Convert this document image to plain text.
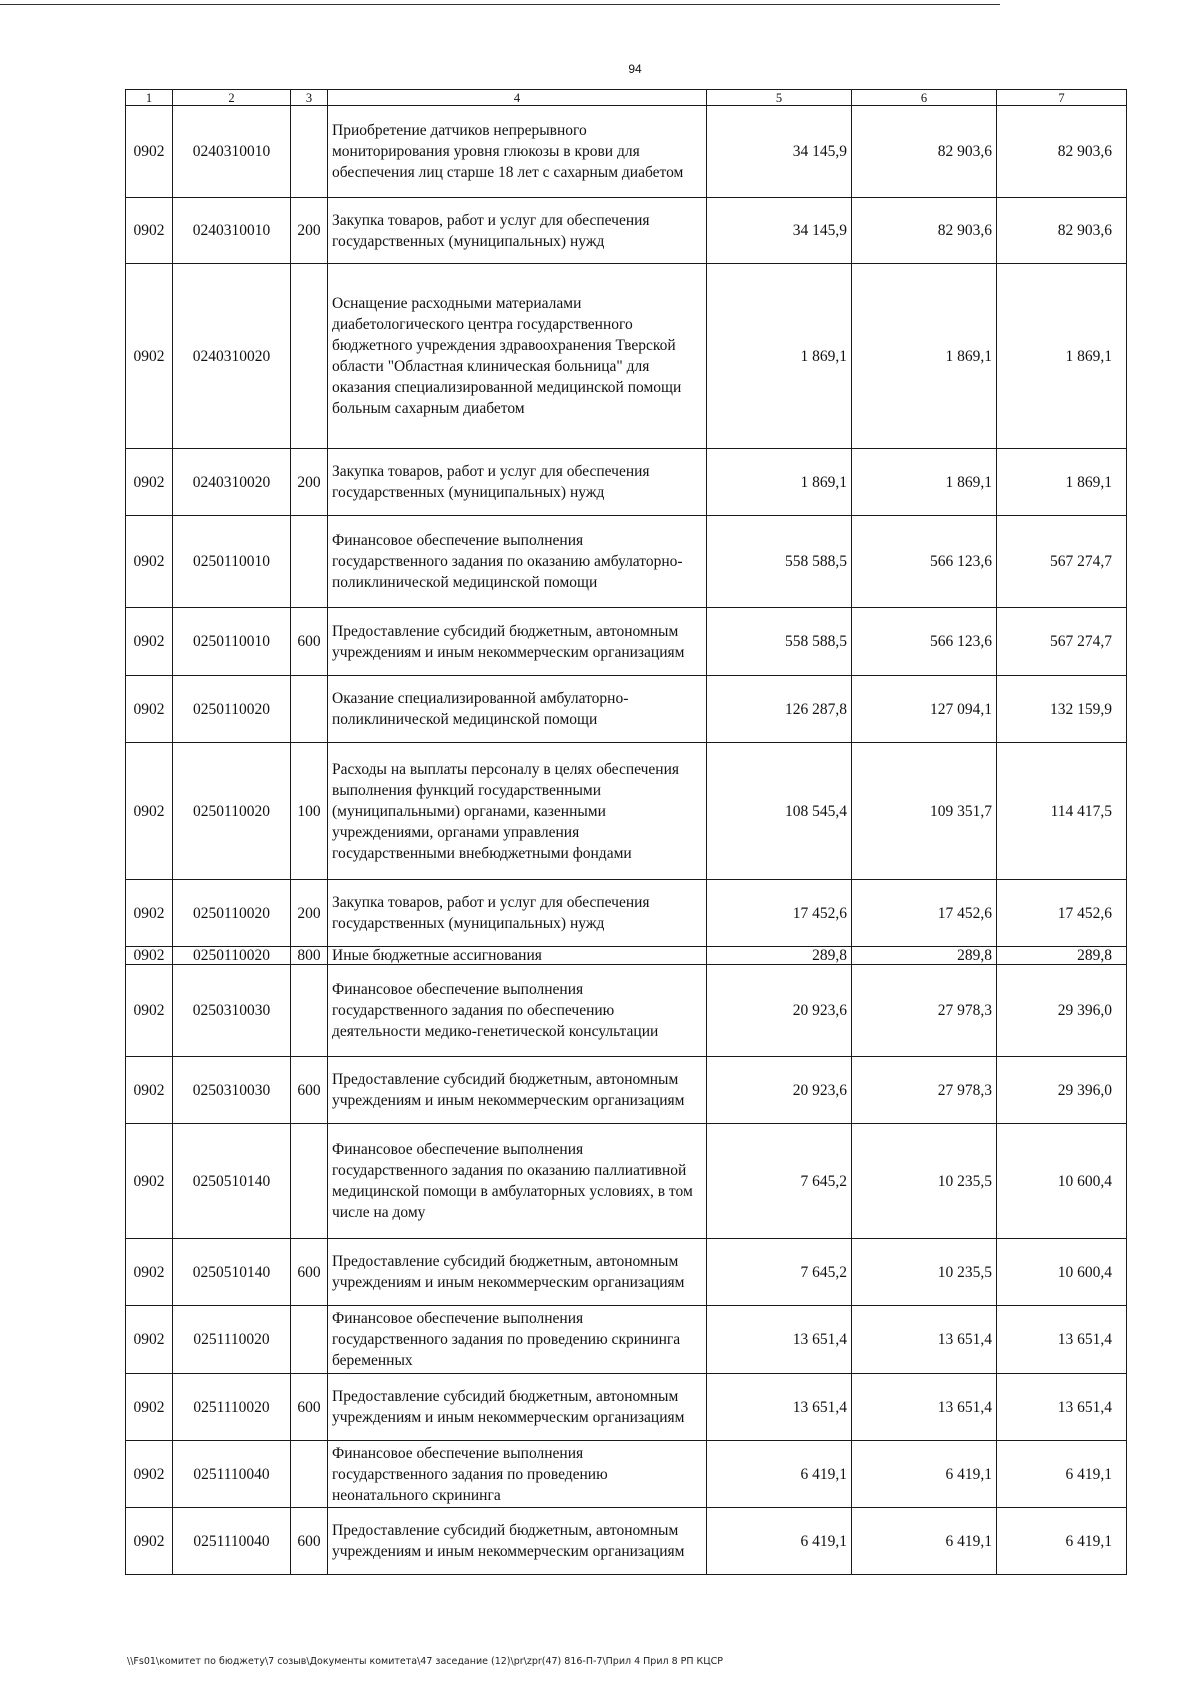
94
1	2	3	4	5	6	7
0902	0240310010		Приобретение датчиков непрерывного мониторирования уровня глюкозы в крови для обеспечения лиц старше 18 лет с сахарным диабетом	34 145,9	82 903,6	82 903,6
0902	0240310010	200	Закупка товаров, работ и услуг для обеспечения государственных (муниципальных) нужд	34 145,9	82 903,6	82 903,6
0902	0240310020		Оснащение расходными материалами диабетологического центра государственного бюджетного учреждения здравоохранения Тверской области "Областная клиническая больница" для оказания специализированной медицинской помощи больным сахарным диабетом	1 869,1	1 869,1	1 869,1
0902	0240310020	200	Закупка товаров, работ и услуг для обеспечения государственных (муниципальных) нужд	1 869,1	1 869,1	1 869,1
0902	0250110010		Финансовое обеспечение выполнения государственного задания по оказанию амбулаторно-поликлинической медицинской помощи	558 588,5	566 123,6	567 274,7
0902	0250110010	600	Предоставление субсидий бюджетным, автономным учреждениям и иным некоммерческим организациям	558 588,5	566 123,6	567 274,7
0902	0250110020		Оказание специализированной амбулаторно-поликлинической медицинской помощи	126 287,8	127 094,1	132 159,9
0902	0250110020	100	Расходы на выплаты персоналу в целях обеспечения выполнения функций государственными (муниципальными) органами, казенными учреждениями, органами управления государственными внебюджетными фондами	108 545,4	109 351,7	114 417,5
0902	0250110020	200	Закупка товаров, работ и услуг для обеспечения государственных (муниципальных) нужд	17 452,6	17 452,6	17 452,6
0902	0250110020	800	Иные бюджетные ассигнования	289,8	289,8	289,8
0902	0250310030		Финансовое обеспечение выполнения государственного задания по обеспечению деятельности медико-генетической консультации	20 923,6	27 978,3	29 396,0
0902	0250310030	600	Предоставление субсидий бюджетным, автономным учреждениям и иным некоммерческим организациям	20 923,6	27 978,3	29 396,0
0902	0250510140		Финансовое обеспечение выполнения государственного задания по оказанию паллиативной медицинской помощи в амбулаторных условиях, в том числе на дому	7 645,2	10 235,5	10 600,4
0902	0250510140	600	Предоставление субсидий бюджетным, автономным учреждениям и иным некоммерческим организациям	7 645,2	10 235,5	10 600,4
0902	0251110020		Финансовое обеспечение выполнения государственного задания по проведению скрининга беременных	13 651,4	13 651,4	13 651,4
0902	0251110020	600	Предоставление субсидий бюджетным, автономным учреждениям и иным некоммерческим организациям	13 651,4	13 651,4	13 651,4
0902	0251110040		Финансовое обеспечение выполнения государственного задания по проведению неонатального скрининга	6 419,1	6 419,1	6 419,1
0902	0251110040	600	Предоставление субсидий бюджетным, автономным учреждениям и иным некоммерческим организациям	6 419,1	6 419,1	6 419,1
\\Fs01\комитет по бюджету\7 созыв\Документы комитета\47 заседание (12)\pr\zpr(47) 816-П-7\Прил 4 Прил 8 РП КЦСР
